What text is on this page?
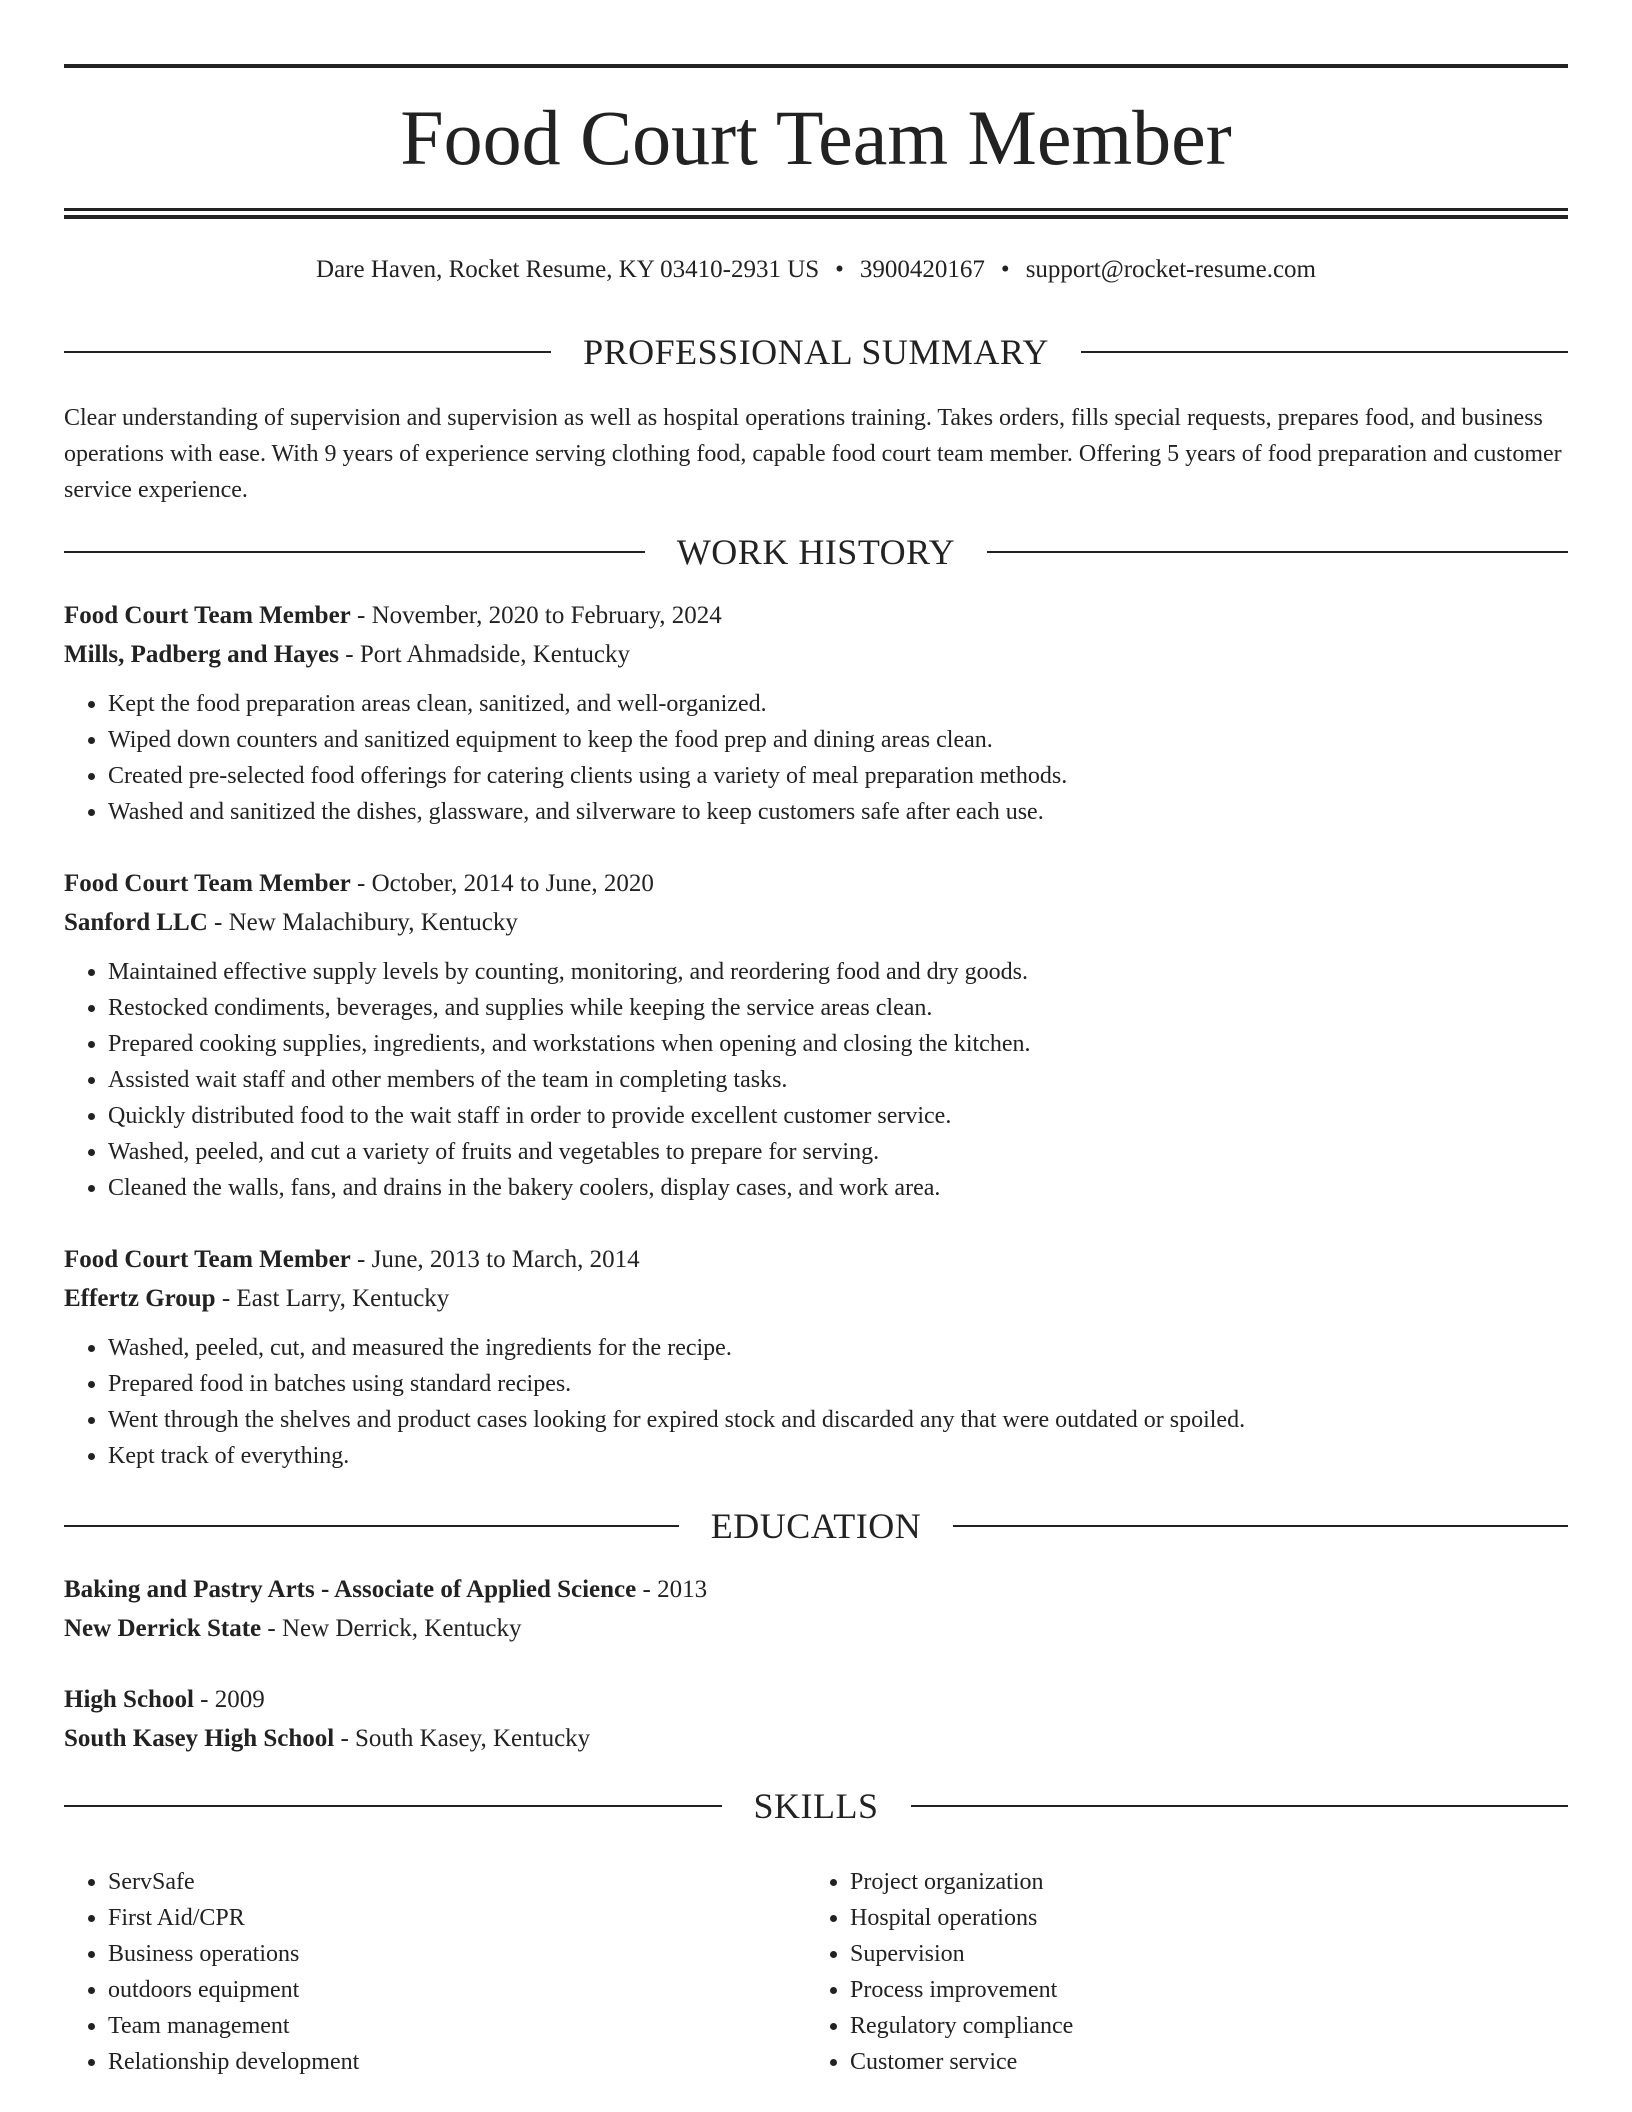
Food Court Team Member
Dare Haven, Rocket Resume, KY 03410-2931 US • 3900420167 • support@rocket-resume.com
PROFESSIONAL SUMMARY

Clear understanding of supervision and supervision as well as hospital operations training. Takes orders, fills special requests, prepares food, and business operations with ease. With 9 years of experience serving clothing food, capable food court team member. Offering 5 years of food preparation and customer service experience.

WORK HISTORY
Food Court Team Member - November, 2020 to February, 2024
Mills, Padberg and Hayes - Port Ahmadside, Kentucky
• Kept the food preparation areas clean, sanitized, and well-organized.
• Wiped down counters and sanitized equipment to keep the food prep and dining areas clean.
• Created pre-selected food offerings for catering clients using a variety of meal preparation methods.
• Washed and sanitized the dishes, glassware, and silverware to keep customers safe after each use.
Food Court Team Member - October, 2014 to June, 2020
Sanford LLC - New Malachibury, Kentucky
• Maintained effective supply levels by counting, monitoring, and reordering food and dry goods.
• Restocked condiments, beverages, and supplies while keeping the service areas clean.
• Prepared cooking supplies, ingredients, and workstations when opening and closing the kitchen.
• Assisted wait staff and other members of the team in completing tasks.
• Quickly distributed food to the wait staff in order to provide excellent customer service.
• Washed, peeled, and cut a variety of fruits and vegetables to prepare for serving.
• Cleaned the walls, fans, and drains in the bakery coolers, display cases, and work area.
Food Court Team Member - June, 2013 to March, 2014
Effertz Group - East Larry, Kentucky
• Washed, peeled, cut, and measured the ingredients for the recipe.
• Prepared food in batches using standard recipes.
• Went through the shelves and product cases looking for expired stock and discarded any that were outdated or spoiled.
• Kept track of everything.
EDUCATION
Baking and Pastry Arts - Associate of Applied Science - 2013
New Derrick State - New Derrick, Kentucky
High School - 2009
South Kasey High School - South Kasey, Kentucky
SKILLS
• ServSafe
• First Aid/CPR
• Business operations
• outdoors equipment
• Team management
• Relationship development
• Project organization
• Hospital operations
• Supervision
• Process improvement
• Regulatory compliance
• Customer service
